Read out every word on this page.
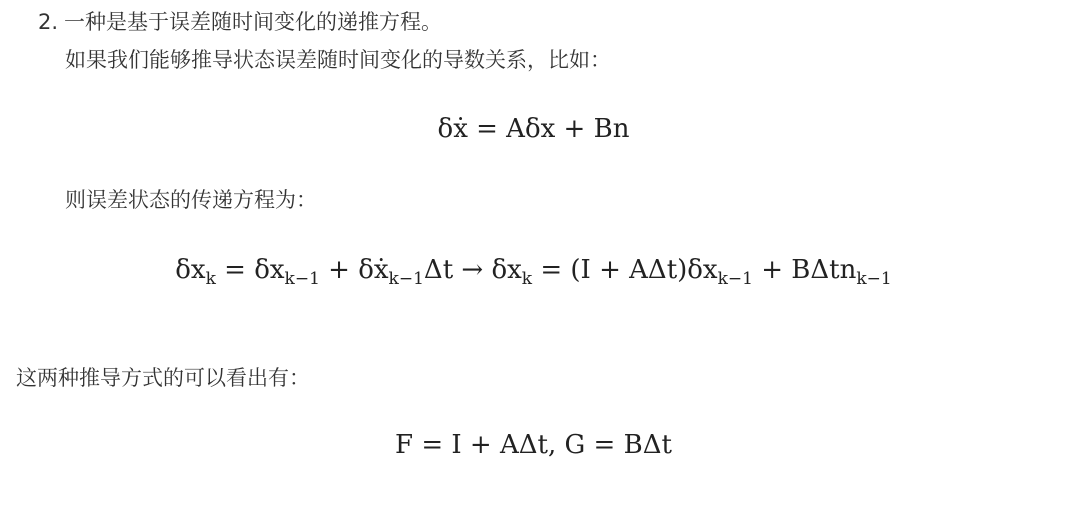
2. 一种是基于误差随时间变化的递推方程。
如果我们能够推导状态误差随时间变化的导数关系，比如：
δẋ = Aδx + Bn
则误差状态的传递方程为：
$\delta x_k = \delta x_{k-1}$ + δẋ$_{k-1}$Δt → $\delta x_k = (I + A\Delta t)\delta x_{k-1} + B\Delta tn_{k-1}$
这两种推导方式的可以看出有：
F = I + AΔt, G = BΔt
